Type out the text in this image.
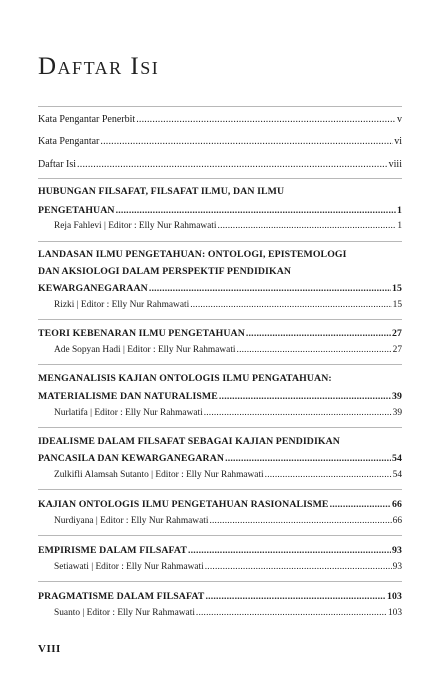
Daftar Isi
Kata Pengantar Penerbit .....	v
Kata Pengantar .....	vi
Daftar Isi .....	viii
HUBUNGAN FILSAFAT, FILSAFAT ILMU, DAN ILMU
PENGETAHUAN .....	1
Reja Fahlevi | Editor : Elly Nur Rahmawati .....	1
LANDASAN ILMU PENGETAHUAN: ONTOLOGI, EPISTEMOLOGI
DAN AKSIOLOGI DALAM PERSPEKTIF PENDIDIKAN
KEWARGANEGARAAN .....	15
Rizki | Editor : Elly Nur Rahmawati .....	15
TEORI KEBENARAN ILMU PENGETAHUAN .....	27
Ade Sopyan Hadi | Editor : Elly Nur Rahmawati .....	27
MENGANALISIS KAJIAN ONTOLOGIS ILMU PENGATAHUAN:
MATERIALISME DAN NATURALISME .....	39
Nurlatifa | Editor : Elly Nur Rahmawati .....	39
IDEALISME DALAM FILSAFAT SEBAGAI KAJIAN PENDIDIKAN
PANCASILA DAN KEWARGANEGARAN .....	54
Zulkifli Alamsah Sutanto | Editor : Elly Nur Rahmawati .....	54
KAJIAN ONTOLOGIS ILMU PENGETAHUAN RASIONALISME .....	66
Nurdiyana | Editor : Elly Nur Rahmawati .....	66
EMPIRISME DALAM FILSAFAT .....	93
Setiawati | Editor : Elly Nur Rahmawati .....	93
PRAGMATISME DALAM FILSAFAT .....	103
Suanto | Editor : Elly Nur Rahmawati .....	103
VIII
